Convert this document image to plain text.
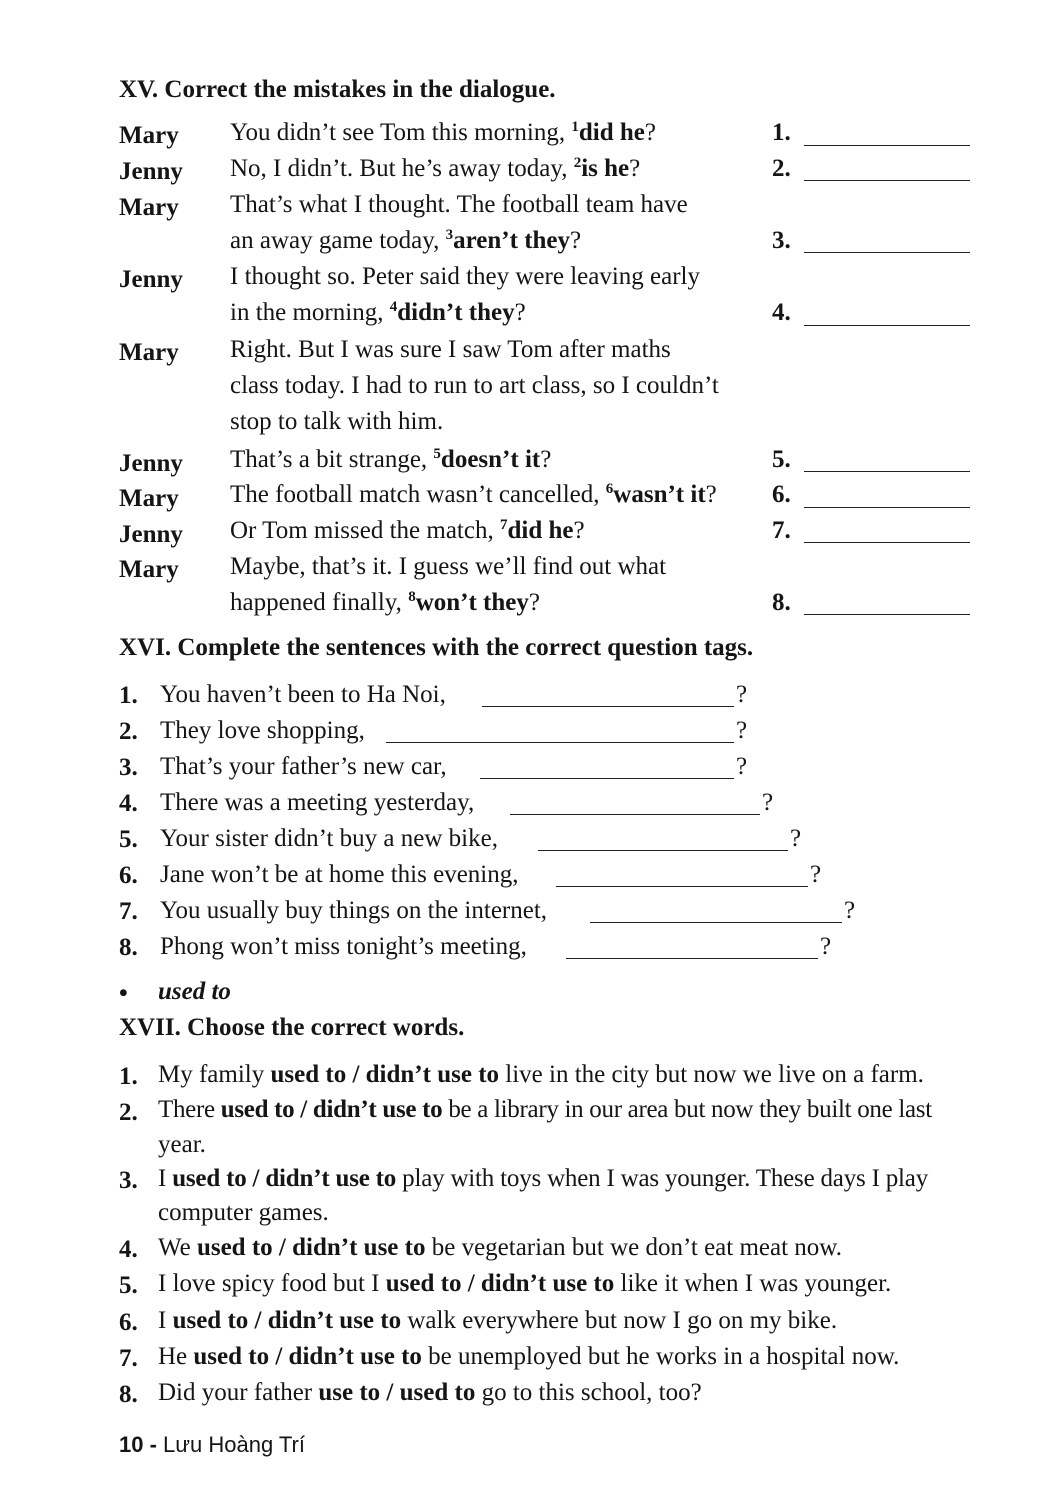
XV. Correct the mistakes in the dialogue.
Mary You didn’t see Tom this morning, $^1$did he?	1.
Jenny No, I didn’t. But he’s away today, $^2$is he?	2.
Mary That’s what I thought. The football team have
an away game today, $^3$aren’t they?	3.
Jenny I thought so. Peter said they were leaving early
in the morning, $^4$didn’t they?	4.
Mary Right. But I was sure I saw Tom after maths
class today. I had to run to art class, so I couldn’t
stop to talk with him.
Jenny That’s a bit strange, $^5$doesn’t it?	5.
Mary The football match wasn’t cancelled, $^6$wasn’t it? 6.
Jenny Or Tom missed the match, $^7$did he?	7.
Mary Maybe, that’s it. I guess we’ll find out what
happened finally, $^8$won’t they?	8.
XVI. Complete the sentences with the correct question tags.
1. You haven’t been to Ha Noi,	?
2. They love shopping,	?
3. That’s your father’s new car,	?
4. There was a meeting yesterday,	?
5. Your sister didn’t buy a new bike,	?
6. Jane won’t be at home this evening,	?
7. You usually buy things on the internet,	?
8. Phong won’t miss tonight’s meeting,	?
• used to
XVII. Choose the correct words.
1. My family used to / didn’t use to live in the city but now we live on a farm.
2. There used to / didn’t use to be a library in our area but now they built one last
year.
3. I used to / didn’t use to play with toys when I was younger. These days I play
computer games.
4. We used to / didn’t use to be vegetarian but we don’t eat meat now.
5. I love spicy food but I used to / didn’t use to like it when I was younger.
6. I used to / didn’t use to walk everywhere but now I go on my bike.
7. He used to / didn’t use to be unemployed but he works in a hospital now.
8. Did your father use to / used to go to this school, too?
10 - Lưu Hoàng Trí
